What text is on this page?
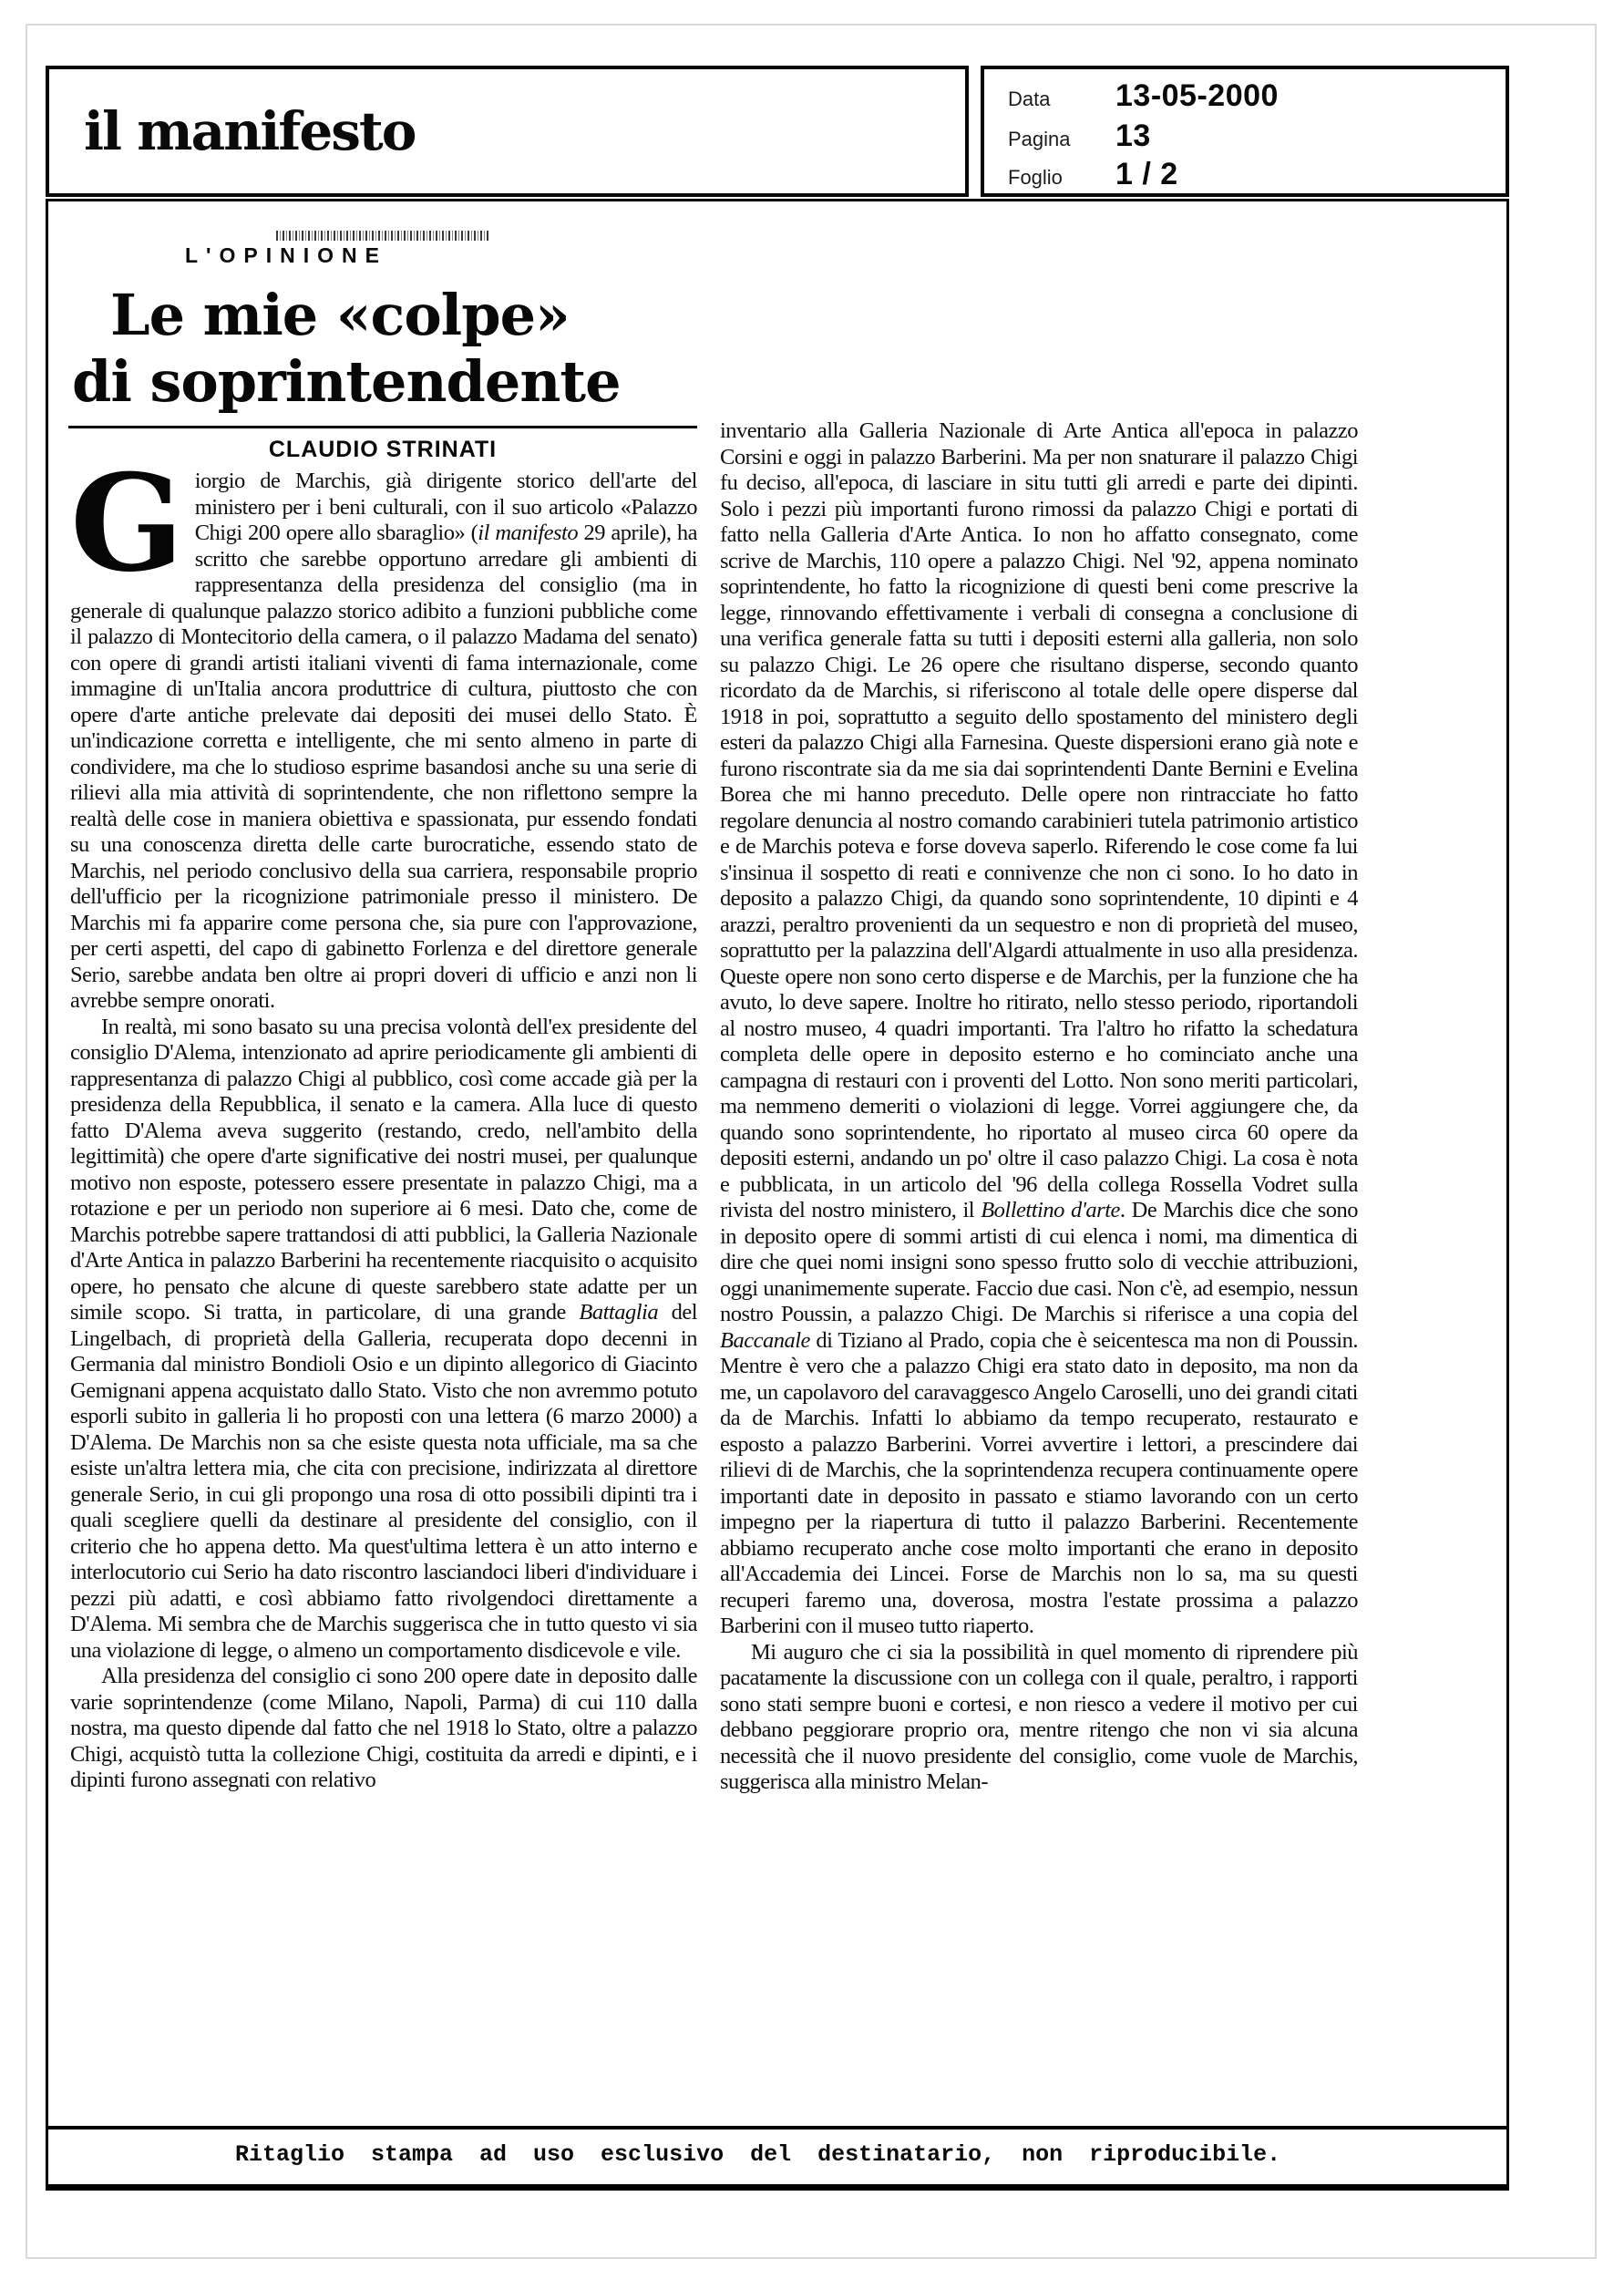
il manifesto
Data	13-05-2000
Pagina	13
Foglio	1 / 2
L'OPINIONE
Le mie «colpe»
di soprintendente
CLAUDIO STRINATI

Giorgio de Marchis, già dirigente storico dell'arte del ministero per i beni culturali, con il suo articolo «Palazzo Chigi 200 opere allo sbaraglio» (il manifesto 29 aprile), ha scritto che sarebbe opportuno arredare gli ambienti di rappresentanza della presidenza del consiglio (ma in generale di qualunque palazzo storico adibito a funzioni pubbliche come il palazzo di Montecitorio della camera, o il palazzo Madama del senato) con opere di grandi artisti italiani viventi di fama internazionale, come immagine di un'Italia ancora produttrice di cultura, piuttosto che con opere d'arte antiche prelevate dai depositi dei musei dello Stato. È un'indicazione corretta e intelligente, che mi sento almeno in parte di condividere, ma che lo studioso esprime basandosi anche su una serie di rilievi alla mia attività di soprintendente, che non riflettono sempre la realtà delle cose in maniera obiettiva e spassionata, pur essendo fondati su una conoscenza diretta delle carte burocratiche, essendo stato de Marchis, nel periodo conclusivo della sua carriera, responsabile proprio dell'ufficio per la ricognizione patrimoniale presso il ministero. De Marchis mi fa apparire come persona che, sia pure con l'approvazione, per certi aspetti, del capo di gabinetto Forlenza e del direttore generale Serio, sarebbe andata ben oltre ai propri doveri di ufficio e anzi non li avrebbe sempre onorati.

In realtà, mi sono basato su una precisa volontà dell'ex presidente del consiglio D'Alema, intenzionato ad aprire periodicamente gli ambienti di rappresentanza di palazzo Chigi al pubblico, così come accade già per la presidenza della Repubblica, il senato e la camera. Alla luce di questo fatto D'Alema aveva suggerito (restando, credo, nell'ambito della legittimità) che opere d'arte significative dei nostri musei, per qualunque motivo non esposte, potessero essere presentate in palazzo Chigi, ma a rotazione e per un periodo non superiore ai 6 mesi. Dato che, come de Marchis potrebbe sapere trattandosi di atti pubblici, la Galleria Nazionale d'Arte Antica in palazzo Barberini ha recentemente riacquisito o acquisito opere, ho pensato che alcune di queste sarebbero state adatte per un simile scopo. Si tratta, in particolare, di una grande Battaglia del Lingelbach, di proprietà della Galleria, recuperata dopo decenni in Germania dal ministro Bondioli Osio e un dipinto allegorico di Giacinto Gemignani appena acquistato dallo Stato. Visto che non avremmo potuto esporli subito in galleria li ho proposti con una lettera (6 marzo 2000) a D'Alema. De Marchis non sa che esiste questa nota ufficiale, ma sa che esiste un'altra lettera mia, che cita con precisione, indirizzata al direttore generale Serio, in cui gli propongo una rosa di otto possibili dipinti tra i quali scegliere quelli da destinare al presidente del consiglio, con il criterio che ho appena detto. Ma quest'ultima lettera è un atto interno e interlocutorio cui Serio ha dato riscontro lasciandoci liberi d'individuare i pezzi più adatti, e così abbiamo fatto rivolgendoci direttamente a D'Alema. Mi sembra che de Marchis suggerisca che in tutto questo vi sia una violazione di legge, o almeno un comportamento disdicevole e vile.

Alla presidenza del consiglio ci sono 200 opere date in deposito dalle varie soprintendenze (come Milano, Napoli, Parma) di cui 110 dalla nostra, ma questo dipende dal fatto che nel 1918 lo Stato, oltre a palazzo Chigi, acquistò tutta la collezione Chigi, costituita da arredi e dipinti, e i dipinti furono assegnati con relativo

inventario alla Galleria Nazionale di Arte Antica all'epoca in palazzo Corsini e oggi in palazzo Barberini. Ma per non snaturare il palazzo Chigi fu deciso, all'epoca, di lasciare in situ tutti gli arredi e parte dei dipinti. Solo i pezzi più importanti furono rimossi da palazzo Chigi e portati di fatto nella Galleria d'Arte Antica. Io non ho affatto consegnato, come scrive de Marchis, 110 opere a palazzo Chigi. Nel '92, appena nominato soprintendente, ho fatto la ricognizione di questi beni come prescrive la legge, rinnovando effettivamente i verbali di consegna a conclusione di una verifica generale fatta su tutti i depositi esterni alla galleria, non solo su palazzo Chigi. Le 26 opere che risultano disperse, secondo quanto ricordato da de Marchis, si riferiscono al totale delle opere disperse dal 1918 in poi, soprattutto a seguito dello spostamento del ministero degli esteri da palazzo Chigi alla Farnesina. Queste dispersioni erano già note e furono riscontrate sia da me sia dai soprintendenti Dante Bernini e Evelina Borea che mi hanno preceduto. Delle opere non rintracciate ho fatto regolare denuncia al nostro comando carabinieri tutela patrimonio artistico e de Marchis poteva e forse doveva saperlo. Riferendo le cose come fa lui s'insinua il sospetto di reati e connivenze che non ci sono. Io ho dato in deposito a palazzo Chigi, da quando sono soprintendente, 10 dipinti e 4 arazzi, peraltro provenienti da un sequestro e non di proprietà del museo, soprattutto per la palazzina dell'Algardi attualmente in uso alla presidenza. Queste opere non sono certo disperse e de Marchis, per la funzione che ha avuto, lo deve sapere. Inoltre ho ritirato, nello stesso periodo, riportandoli al nostro museo, 4 quadri importanti. Tra l'altro ho rifatto la schedatura completa delle opere in deposito esterno e ho cominciato anche una campagna di restauri con i proventi del Lotto. Non sono meriti particolari, ma nemmeno demeriti o violazioni di legge. Vorrei aggiungere che, da quando sono soprintendente, ho riportato al museo circa 60 opere da depositi esterni, andando un po' oltre il caso palazzo Chigi. La cosa è nota e pubblicata, in un articolo del '96 della collega Rossella Vodret sulla rivista del nostro ministero, il Bollettino d'arte. De Marchis dice che sono in deposito opere di sommi artisti di cui elenca i nomi, ma dimentica di dire che quei nomi insigni sono spesso frutto solo di vecchie attribuzioni, oggi unanimemente superate. Faccio due casi. Non c'è, ad esempio, nessun nostro Poussin, a palazzo Chigi. De Marchis si riferisce a una copia del Baccanale di Tiziano al Prado, copia che è seicentesca ma non di Poussin. Mentre è vero che a palazzo Chigi era stato dato in deposito, ma non da me, un capolavoro del caravaggesco Angelo Caroselli, uno dei grandi citati da de Marchis. Infatti lo abbiamo da tempo recuperato, restaurato e esposto a palazzo Barberini. Vorrei avvertire i lettori, a prescindere dai rilievi di de Marchis, che la soprintendenza recupera continuamente opere importanti date in deposito in passato e stiamo lavorando con un certo impegno per la riapertura di tutto il palazzo Barberini. Recentemente abbiamo recuperato anche cose molto importanti che erano in deposito all'Accademia dei Lincei. Forse de Marchis non lo sa, ma su questi recuperi faremo una, doverosa, mostra l'estate prossima a palazzo Barberini con il museo tutto riaperto.

Mi auguro che ci sia la possibilità in quel momento di riprendere più pacatamente la discussione con un collega con il quale, peraltro, i rapporti sono stati sempre buoni e cortesi, e non riesco a vedere il motivo per cui debbano peggiorare proprio ora, mentre ritengo che non vi sia alcuna necessità che il nuovo presidente del consiglio, come vuole de Marchis, suggerisca alla ministro Melan-

Ritaglio stampa ad uso esclusivo del destinatario, non riproducibile.
